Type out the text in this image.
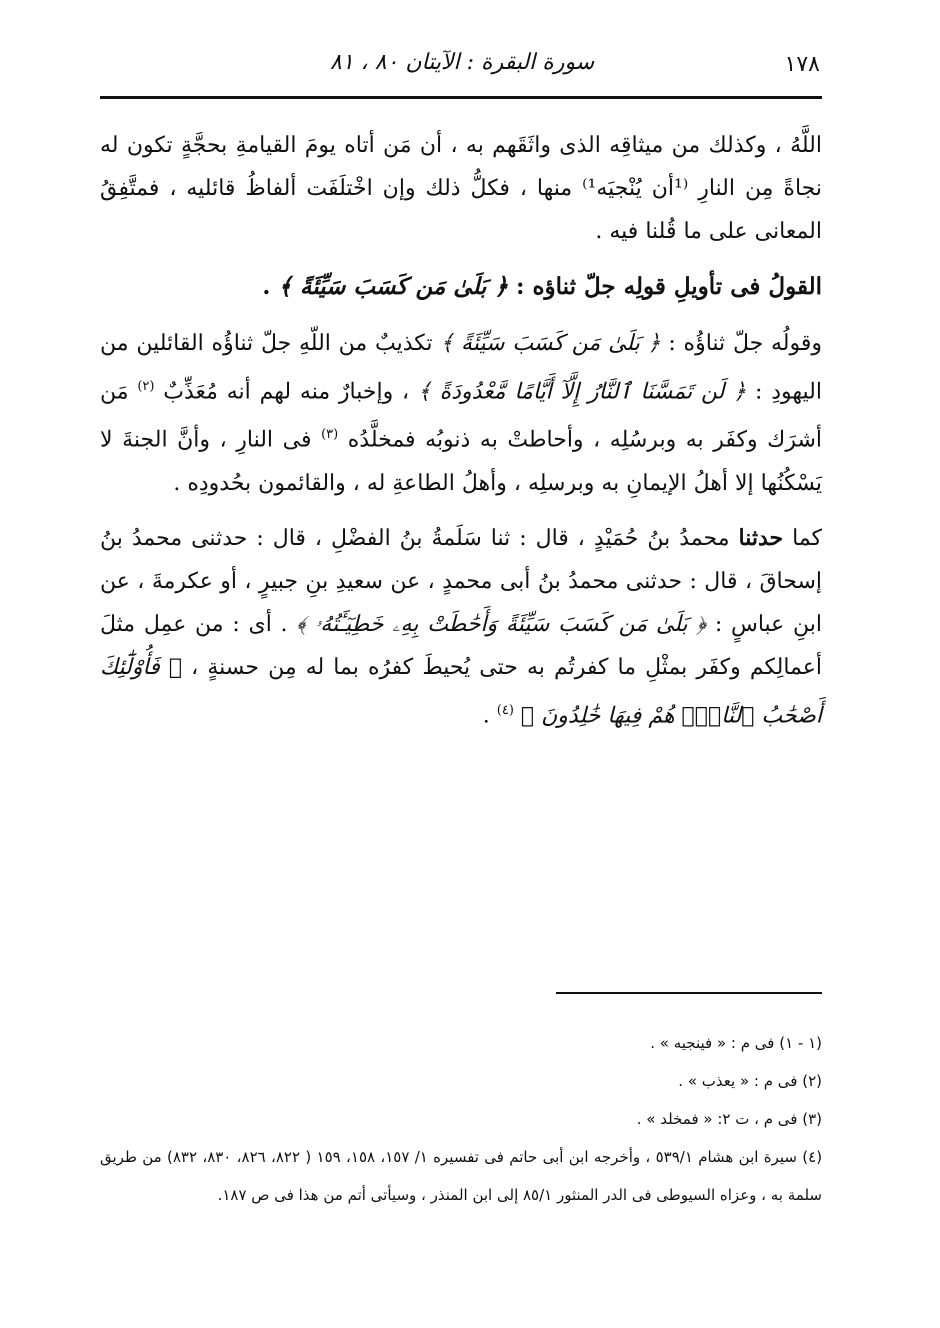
١٧٨
سورة البقرة : الآيتان ٨٠ ، ٨١

اللَّهُ ، وكذلك من ميثاقِه الذى واثَقَهم به ، أن مَن أتاه يومَ القيامةِ بحجَّةٍ تكون له نجاةً مِن النارِ ⁽¹أن يُنْجيَه¹⁾ منها ، فكلُّ ذلك وإن اخْتلَفَت ألفاظُ قائليه ، فمتَّفِقُ المعانى على ما قُلنا فيه .

القولُ فى تأويلِ قولِه جلّ ثناؤه : ﴿ بَلَىٰ مَن كَسَبَ سَيِّئَةً ﴾ .

وقولُه جلّ ثناؤُه : ﴿ بَلَىٰ مَن كَسَبَ سَيِّئَةً ﴾ تكذيبٌ من اللّهِ جلّ ثناؤُه القائلين من اليهودِ : ﴿ لَن تَمَسَّنَا ٱلنَّارُ إِلَّآ أَيَّامًا مَّعْدُودَةً ﴾ ، وإخبارٌ منه لهم أنه مُعَذِّبٌ $^{(٢)}$ مَن أشرَك وكفَر به وبرسُلِه ، وأحاطتْ به ذنوبُه فمخلَّدُه $^{(٣)}$ فى النارِ ، وأنَّ الجنةَ لا يَسْكُنُها إلا أهلُ الإيمانِ به وبرسلِه ، وأهلُ الطاعةِ له ، والقائمون بحُدودِه .

كما حدثنا محمدُ بنُ حُمَيْدٍ ، قال : ثنا سَلَمةُ بنُ الفضْلِ ، قال : حدثنى محمدُ بنُ إسحاقَ ، قال : حدثنى محمدُ بنُ أبى محمدٍ ، عن سعيدِ بنِ جبيرٍ ، أو عكرمةَ ، عن ابنِ عباسٍ : ﴿ بَلَىٰ مَن كَسَبَ سَيِّئَةً وَأَحَٰطَتْ بِهِۦ خَطِيٓـَٔتُهُۥ ﴾ . أى : من عمِل مثلَ أعمالِكم وكفَر بمثْلِ ما كفرتُم به حتى يُحيطَ كفرُه بما له مِن حسنةٍ ، ﴿ فَأُوْلَٰٓئِكَ أَصْحَٰبُ ٱلنَّارِۖ هُمْ فِيهَا خَٰلِدُونَ ﴾ $^{(٤)}$ .

(١ - ١) فى م : « فينجيه » .

(٢) فى م : « يعذب » .

(٣) فى م ، ت ٢: « فمخلد » .

(٤) سيرة ابن هشام ٥٣٩/١ ، وأخرجه ابن أبى حاتم فى تفسيره ١/ ١٥٧، ١٥٨، ١٥٩ ( ٨٢٢، ٨٢٦، ٨٣٠، ٨٣٢) من طريق سلمة به ، وعزاه السيوطى فى الدر المنثور ٨٥/١ إلى ابن المنذر ، وسيأتى أتم من هذا فى ص ١٨٧.
